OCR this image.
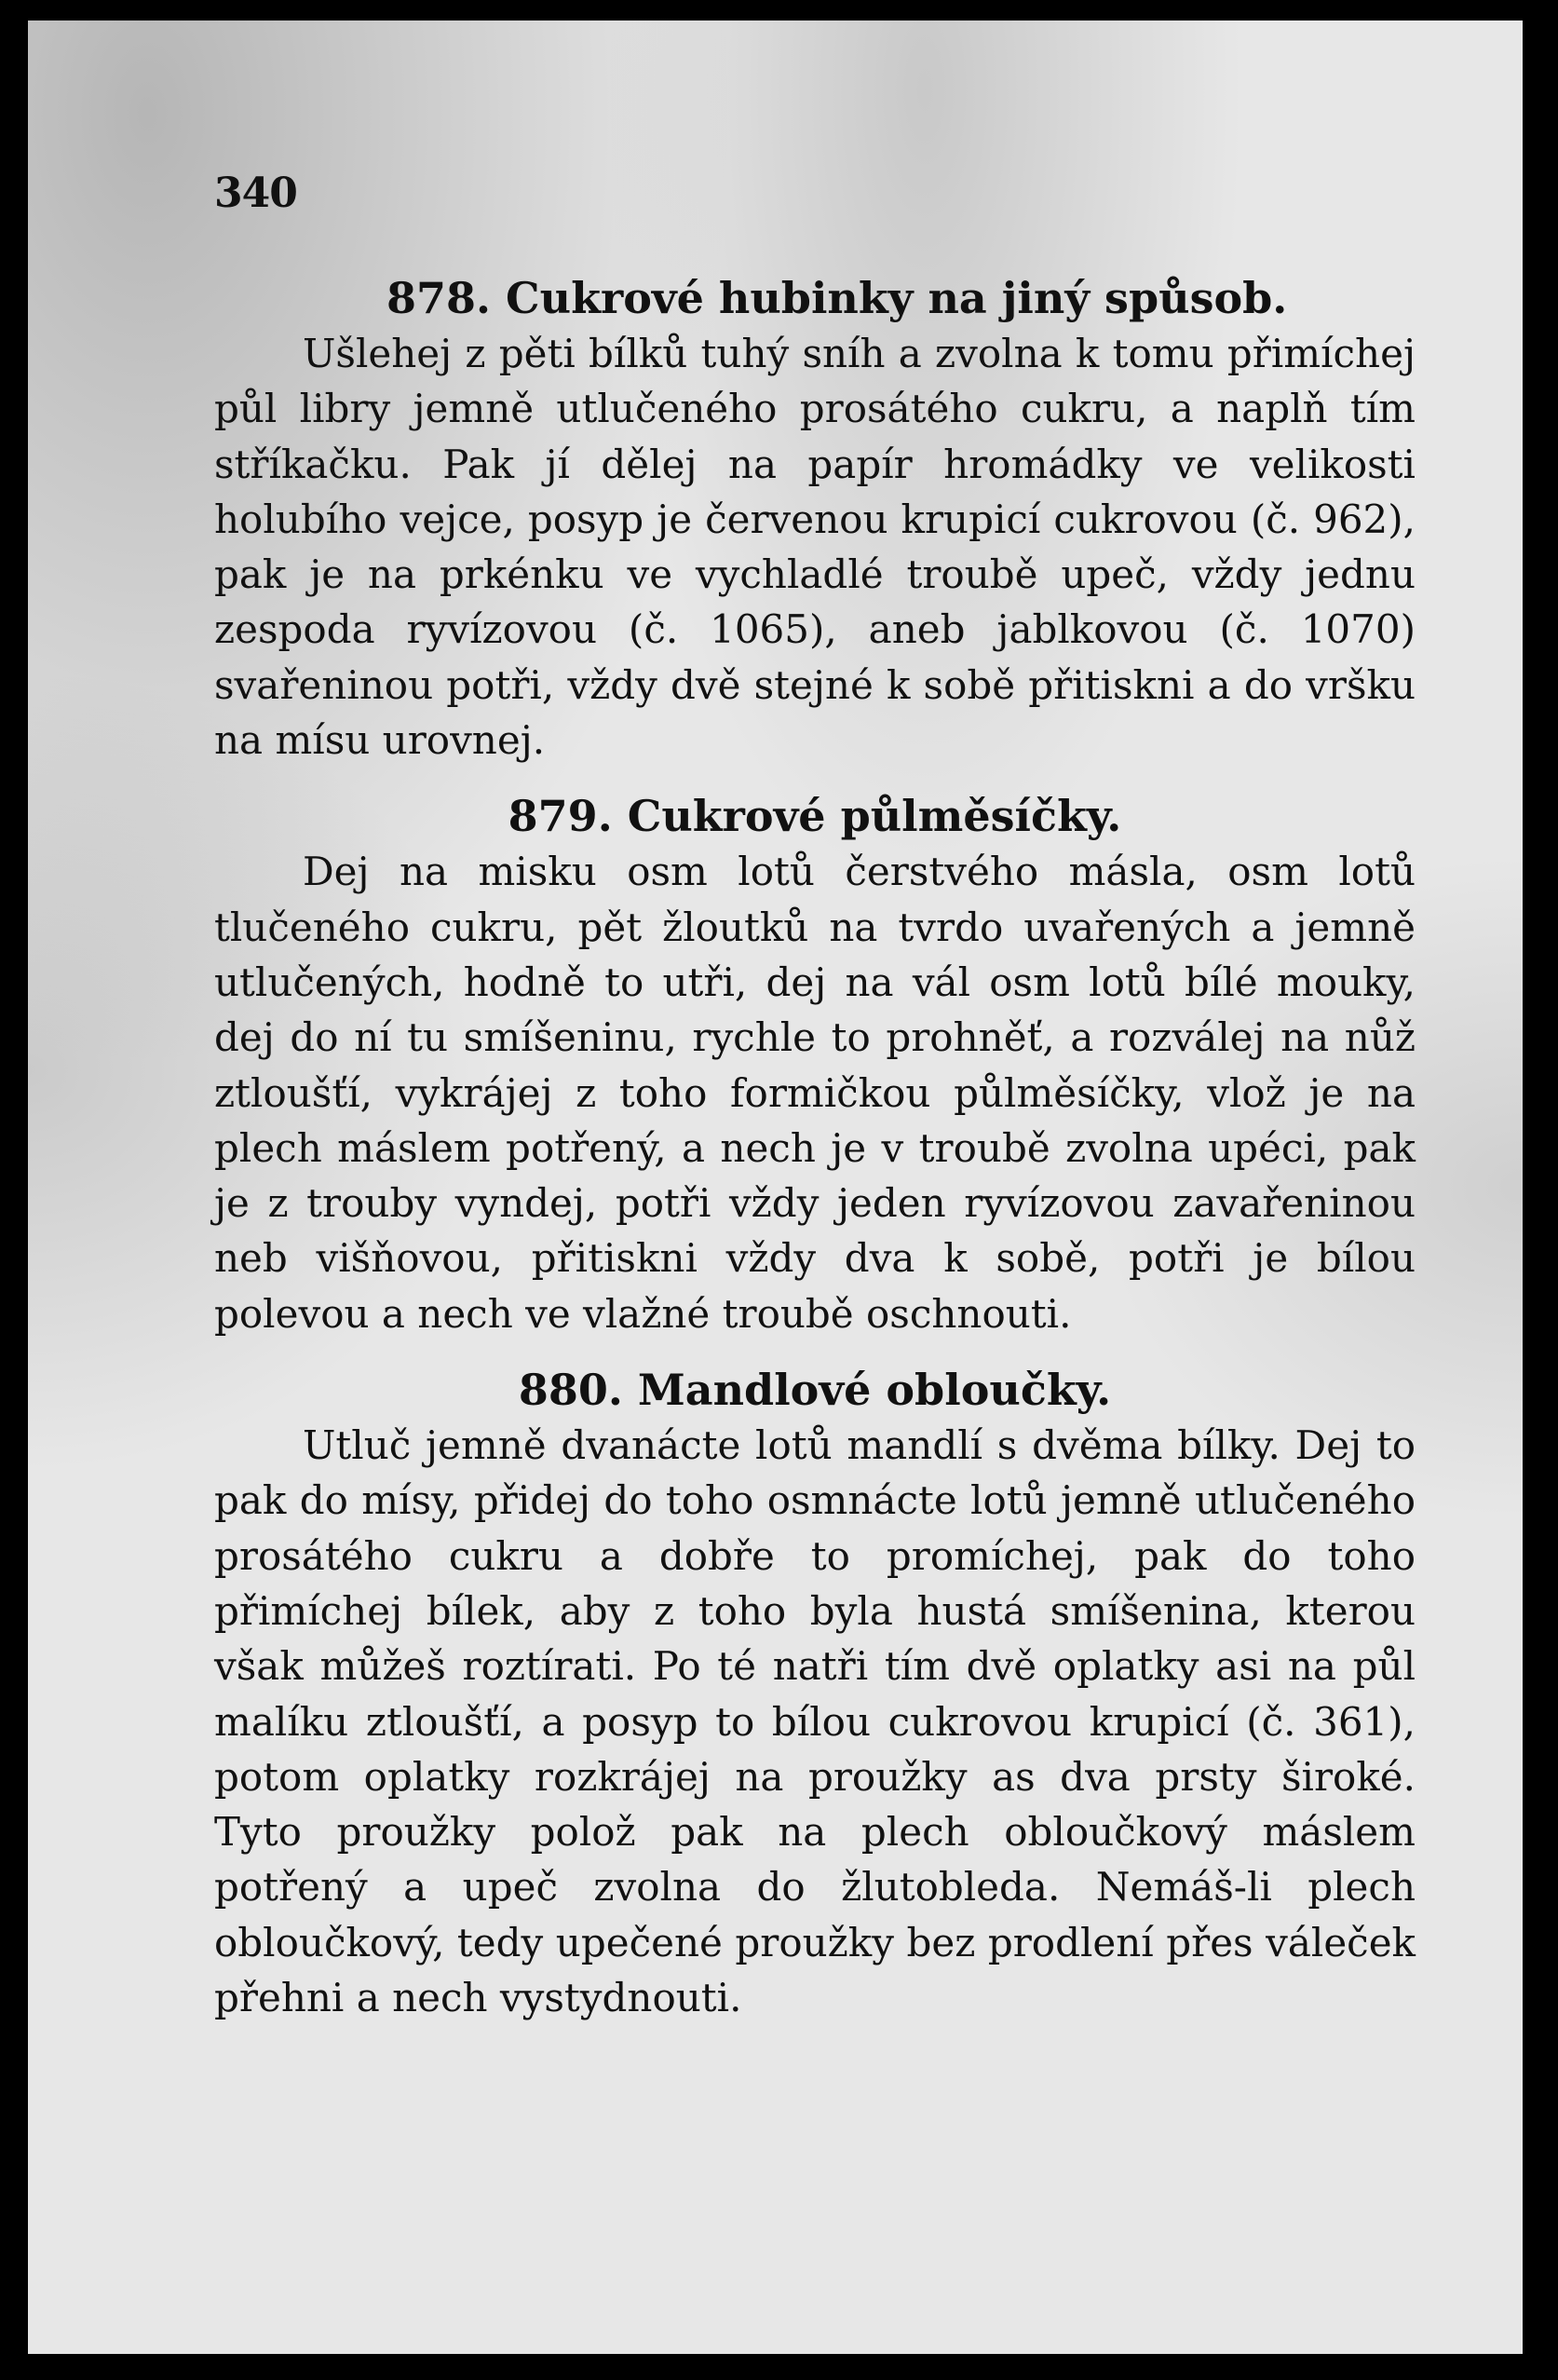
340
878. Cukrové hubinky na jiný spůsob.

Ušlehej z pěti bílků tuhý sníh a zvolna k tomu přimíchej půl libry jemně utlučeného prosátého cukru, a naplň tím stříkačku. Pak jí dělej na papír hromádky ve velikosti holubího vejce, posyp je červenou krupicí cukrovou (č. 962), pak je na prkénku ve vychladlé troubě upeč, vždy jednu zespoda ryvízovou (č. 1065), aneb jablkovou (č. 1070) svařeninou potři, vždy dvě stejné k sobě přitiskni a do vršku na mísu urovnej.

879. Cukrové půlměsíčky.

Dej na misku osm lotů čerstvého másla, osm lotů tlučeného cukru, pět žloutků na tvrdo uvařených a jemně utlučených, hodně to utři, dej na vál osm lotů bílé mouky, dej do ní tu smíšeninu, rychle to prohněť, a rozválej na nůž ztloušťí, vykrájej z toho formičkou půlměsíčky, vlož je na plech máslem potřený, a nech je v troubě zvolna upéci, pak je z trouby vyndej, potři vždy jeden ryvízovou zavařeninou neb višňovou, přitiskni vždy dva k sobě, potři je bílou polevou a nech ve vlažné troubě oschnouti.

880. Mandlové obloučky.

Utluč jemně dvanácte lotů mandlí s dvěma bílky. Dej to pak do mísy, přidej do toho osmnácte lotů jemně utlučeného prosátého cukru a dobře to promíchej, pak do toho přimíchej bílek, aby z toho byla hustá smíšenina, kterou však můžeš roztírati. Po té natři tím dvě oplatky asi na půl malíku ztloušťí, a posyp to bílou cukrovou krupicí (č. 361), potom oplatky rozkrájej na proužky as dva prsty široké. Tyto proužky polož pak na plech obloučkový máslem potřený a upeč zvolna do žlutobleda. Nemáš-li plech obloučkový, tedy upečené proužky bez prodlení přes váleček přehni a nech vystydnouti.
